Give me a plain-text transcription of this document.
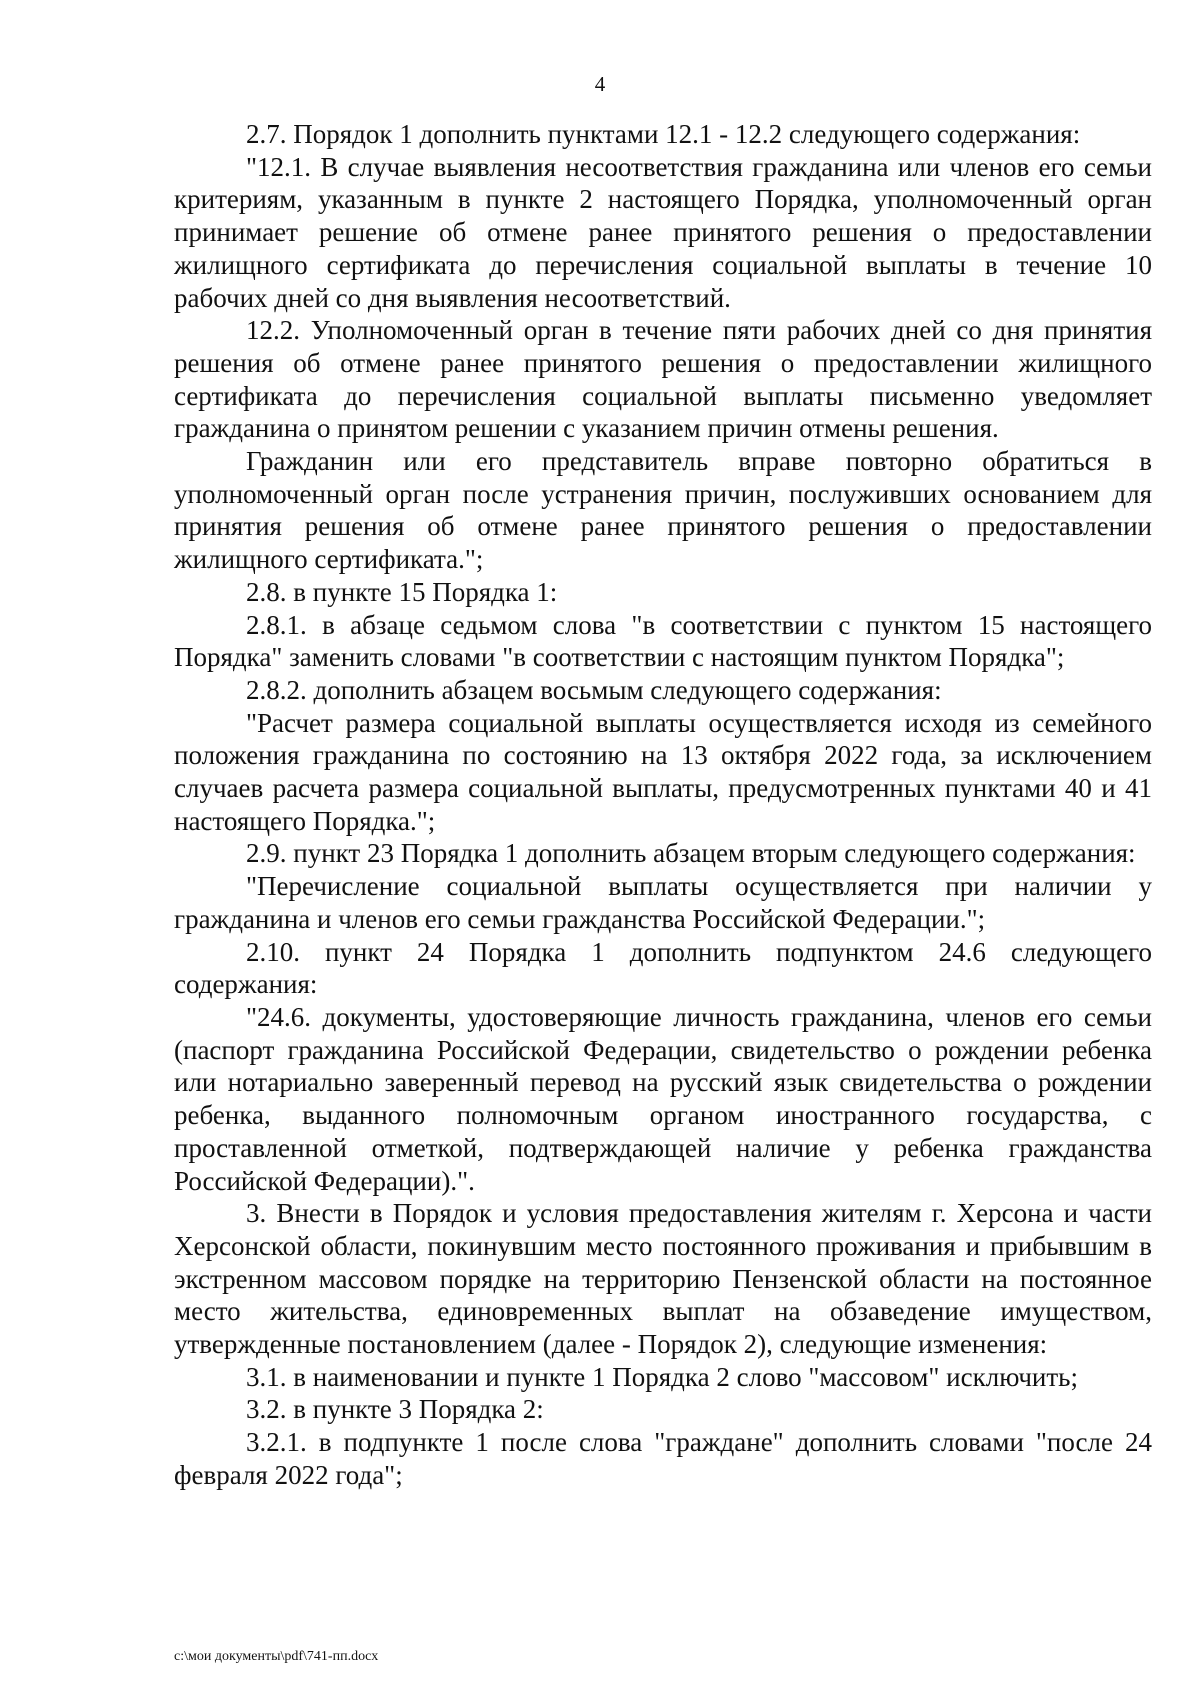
4

2.7. Порядок 1 дополнить пунктами 12.1 - 12.2 следующего содержания:

"12.1. В случае выявления несоответствия гражданина или членов его семьи критериям, указанным в пункте 2 настоящего Порядка, уполномоченный орган принимает решение об отмене ранее принятого решения о предоставлении жилищного сертификата до перечисления социальной выплаты в течение 10 рабочих дней со дня выявления несоответствий.

12.2. Уполномоченный орган в течение пяти рабочих дней со дня принятия решения об отмене ранее принятого решения о предоставлении жилищного сертификата до перечисления социальной выплаты письменно уведомляет гражданина о принятом решении с указанием причин отмены решения.

Гражданин или его представитель вправе повторно обратиться в уполномоченный орган после устранения причин, послуживших основанием для принятия решения об отмене ранее принятого решения о предоставлении жилищного сертификата.";

2.8. в пункте 15 Порядка 1:

2.8.1. в абзаце седьмом слова "в соответствии с пунктом 15 настоящего Порядка" заменить словами "в соответствии с настоящим пунктом Порядка";

2.8.2. дополнить абзацем восьмым следующего содержания:

"Расчет размера социальной выплаты осуществляется исходя из семейного положения гражданина по состоянию на 13 октября 2022 года, за исключением случаев расчета размера социальной выплаты, предусмотренных пунктами 40 и 41 настоящего Порядка.";

2.9. пункт 23 Порядка 1 дополнить абзацем вторым следующего содержания:

"Перечисление социальной выплаты осуществляется при наличии у гражданина и членов его семьи гражданства Российской Федерации.";

2.10. пункт 24 Порядка 1 дополнить подпунктом 24.6 следующего содержания:

"24.6. документы, удостоверяющие личность гражданина, членов его семьи (паспорт гражданина Российской Федерации, свидетельство о рождении ребенка или нотариально заверенный перевод на русский язык свидетельства о рождении ребенка, выданного полномочным органом иностранного государства, с проставленной отметкой, подтверждающей наличие у ребенка гражданства Российской Федерации).".

3. Внести в Порядок и условия предоставления жителям г. Херсона и части Херсонской области, покинувшим место постоянного проживания и прибывшим в экстренном массовом порядке на территорию Пензенской области на постоянное место жительства, единовременных выплат на обзаведение имуществом, утвержденные постановлением (далее - Порядок 2), следующие изменения:

3.1. в наименовании и пункте 1 Порядка 2 слово "массовом" исключить;

3.2. в пункте 3 Порядка 2:

3.2.1. в подпункте 1 после слова "граждане" дополнить словами "после 24 февраля 2022 года";

c:\мои документы\pdf\741-пп.docx
